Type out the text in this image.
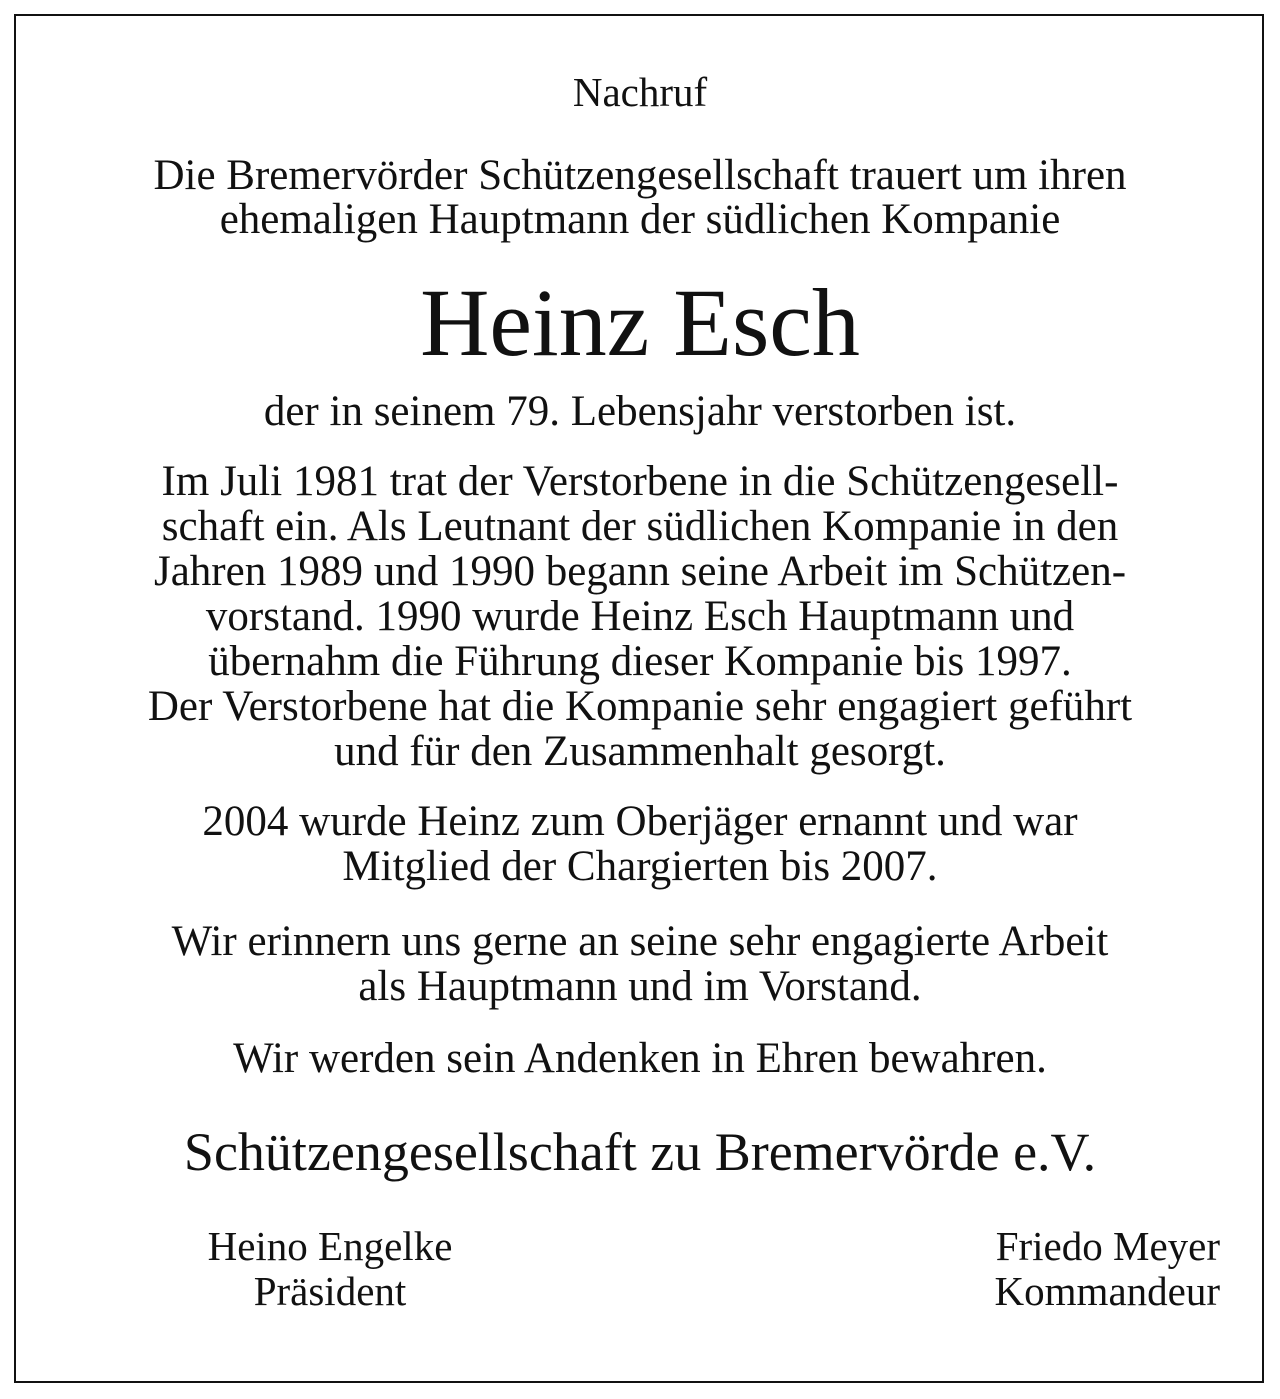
Nachruf
Die Bremervörder Schützengesellschaft trauert um ihren
ehemaligen Hauptmann der südlichen Kompanie
Heinz Esch
der in seinem 79. Lebensjahr verstorben ist.
Im Juli 1981 trat der Verstorbene in die Schützengesell-
schaft ein. Als Leutnant der südlichen Kompanie in den
Jahren 1989 und 1990 begann seine Arbeit im Schützen-
vorstand. 1990 wurde Heinz Esch Hauptmann und
übernahm die Führung dieser Kompanie bis 1997.
Der Verstorbene hat die Kompanie sehr engagiert geführt
und für den Zusammenhalt gesorgt.
2004 wurde Heinz zum Oberjäger ernannt und war
Mitglied der Chargierten bis 2007.
Wir erinnern uns gerne an seine sehr engagierte Arbeit
als Hauptmann und im Vorstand.
Wir werden sein Andenken in Ehren bewahren.
Schützengesellschaft zu Bremervörde e.V.
Heino Engelke
Präsident
Friedo Meyer
Kommandeur
